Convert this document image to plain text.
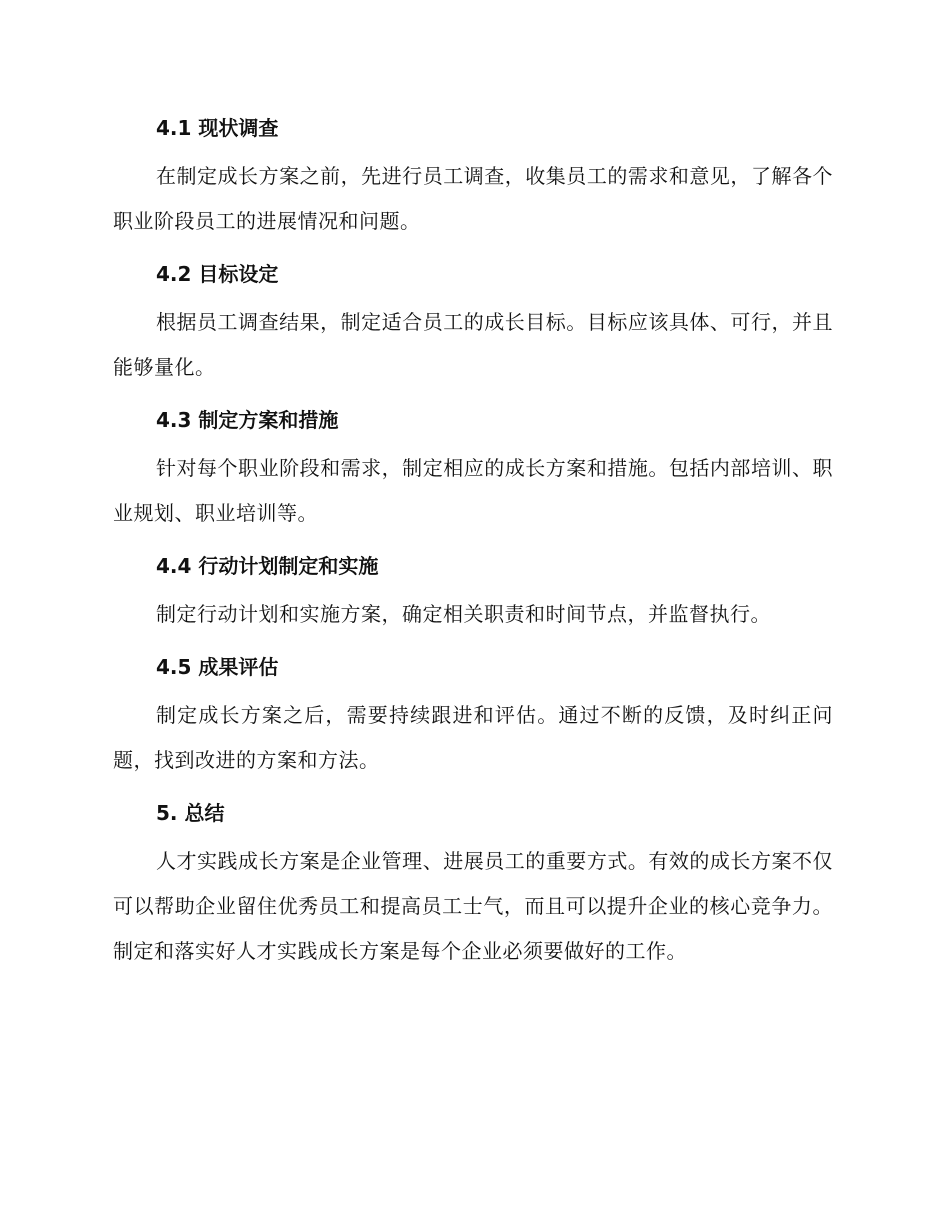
4.1 现状调查

在制定成长方案之前，先进行员工调查，收集员工的需求和意见，了解各个职业阶段员工的进展情况和问题。

4.2 目标设定

根据员工调查结果，制定适合员工的成长目标。目标应该具体、可行，并且能够量化。

4.3 制定方案和措施

针对每个职业阶段和需求，制定相应的成长方案和措施。包括内部培训、职业规划、职业培训等。

4.4 行动计划制定和实施

制定行动计划和实施方案，确定相关职责和时间节点，并监督执行。

4.5 成果评估

制定成长方案之后，需要持续跟进和评估。通过不断的反馈，及时纠正问题，找到改进的方案和方法。

5. 总结

人才实践成长方案是企业管理、进展员工的重要方式。有效的成长方案不仅可以帮助企业留住优秀员工和提高员工士气，而且可以提升企业的核心竞争力。制定和落实好人才实践成长方案是每个企业必须要做好的工作。
